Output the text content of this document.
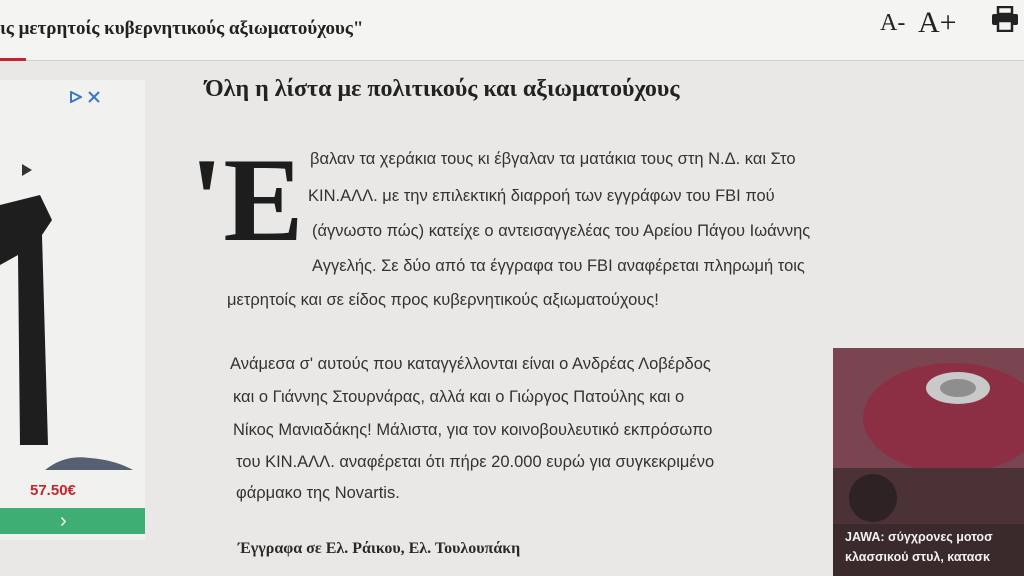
ις μετρητοίς κυβερνητικούς αξιωματούχους"	A- A+

57.50€
›
Όλη η λίστα με πολιτικούς και αξιωματούχους
'Ε βαλαν τα χεράκια τους κι έβγαλαν τα ματάκια τους στη Ν.Δ. και Στο
ΚΙΝ.ΑΛΛ. με την επιλεκτική διαρροή των εγγράφων του FBI πού
(άγνωστο πώς) κατείχε ο αντεισαγγελέας του Αρείου Πάγου Ιωάννης
Αγγελής. Σε δύο από τα έγγραφα του FBI αναφέρεται πληρωμή τοις
μετρητοίς και σε είδος προς κυβερνητικούς αξιωματούχους!
Ανάμεσα σ' αυτούς που καταγγέλλονται είναι ο Ανδρέας Λοβέρδος
και ο Γιάννης Στουρνάρας, αλλά και ο Γιώργος Πατούλης και ο
Νίκος Μανιαδάκης! Μάλιστα, για τον κοινοβουλευτικό εκπρόσωπο
του ΚΙΝ.ΑΛΛ. αναφέρεται ότι πήρε 20.000 ευρώ για συγκεκριμένο
φάρμακο της Novartis.
Έγγραφα σε Ελ. Ράικου, Ελ. Τουλουπάκη
JAWA: σύγχρονες μοτοσ
κλασσικού στυλ, κατασκ
